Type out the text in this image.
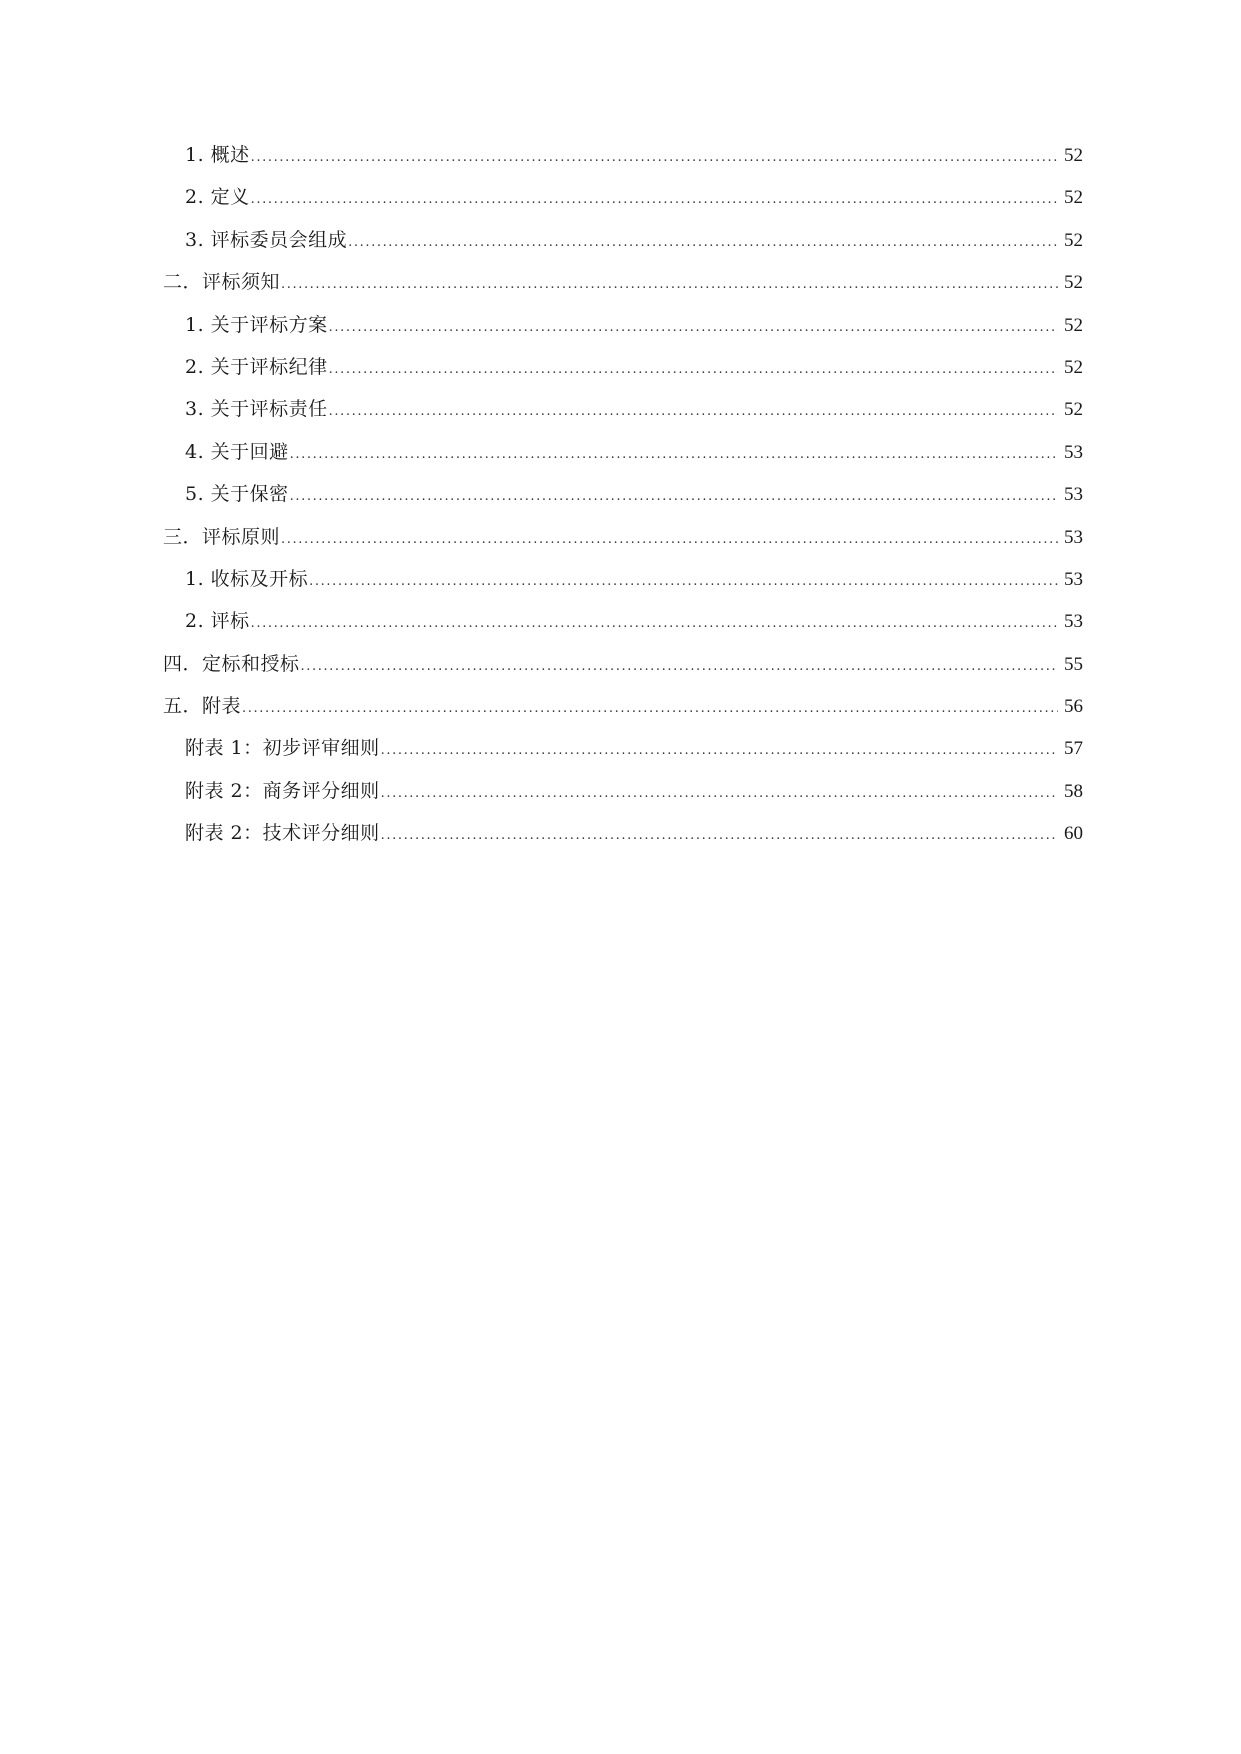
1. 概述 .....	52
2. 定义 .....	52
3. 评标委员会组成 .....	52
二．评标须知 .....	52
1. 关于评标方案 .....	52
2. 关于评标纪律 .....	52
3. 关于评标责任 .....	52
4. 关于回避 .....	53
5. 关于保密 .....	53
三．评标原则 .....	53
1. 收标及开标 .....	53
2. 评标 .....	53
四．定标和授标 .....	55
五．附表 .....	56
附表 1：初步评审细则 .....	57
附表 2：商务评分细则 .....	58
附表 2：技术评分细则 .....	60
